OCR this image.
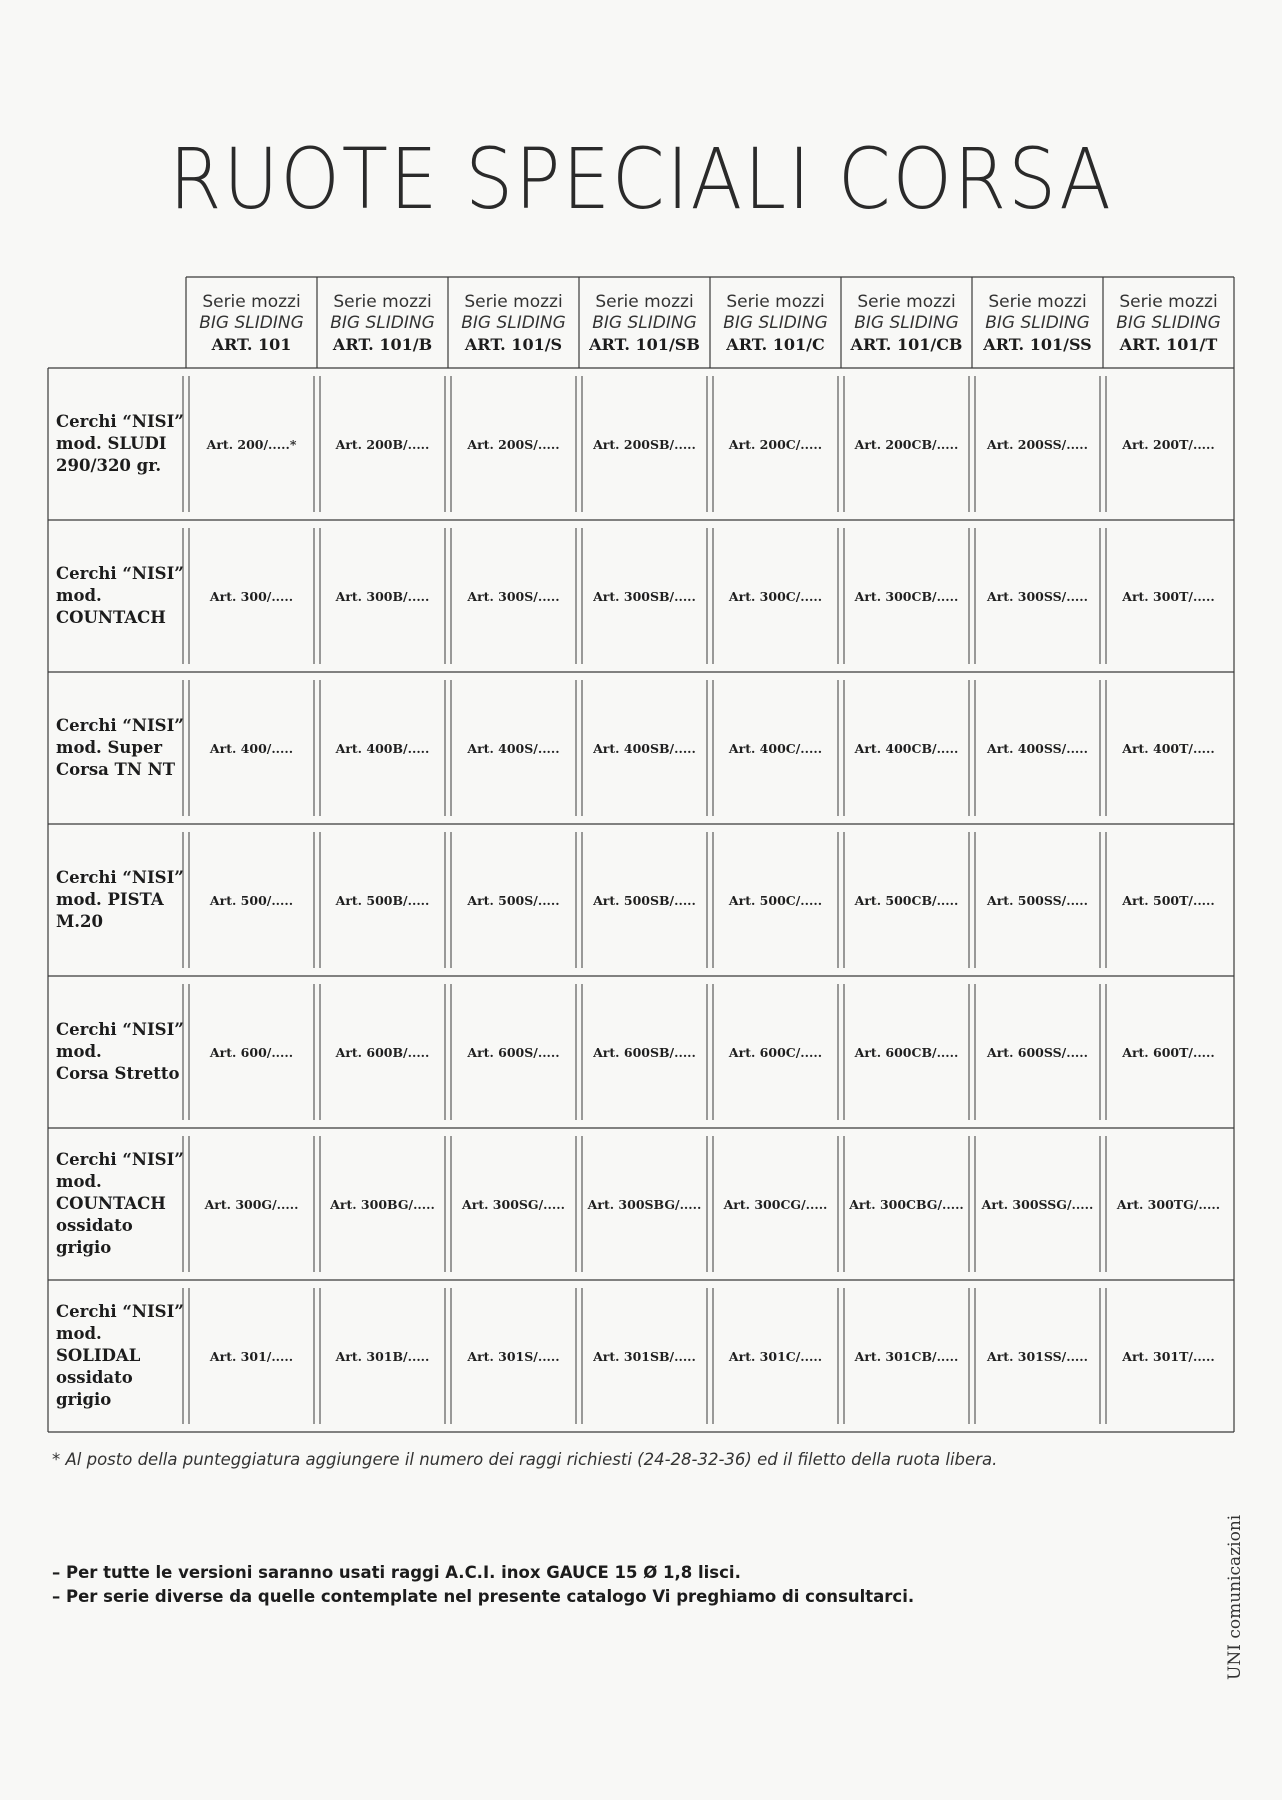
RUOTE SPECIALI CORSA
Serie mozzi
BIG SLIDING
ART. 101
Serie mozzi
BIG SLIDING
ART. 101/B
Serie mozzi
BIG SLIDING
ART. 101/S
Serie mozzi
BIG SLIDING
ART. 101/SB
Serie mozzi
BIG SLIDING
ART. 101/C
Serie mozzi
BIG SLIDING
ART. 101/CB
Serie mozzi
BIG SLIDING
ART. 101/SS
Serie mozzi
BIG SLIDING
ART. 101/T
Cerchi “NISI”
mod. SLUDI
290/320 gr.
Art. 200/.....*	Art. 200B/.....	Art. 200S/.....	Art. 200SB/.....	Art. 200C/.....	Art. 200CB/.....	Art. 200SS/.....	Art. 200T/.....
Cerchi “NISI”
mod.
COUNTACH
Art. 300/.....	Art. 300B/.....	Art. 300S/.....	Art. 300SB/.....	Art. 300C/.....	Art. 300CB/.....	Art. 300SS/.....	Art. 300T/.....
Cerchi “NISI”
mod. Super
Corsa TN NT
Art. 400/.....	Art. 400B/.....	Art. 400S/.....	Art. 400SB/.....	Art. 400C/.....	Art. 400CB/.....	Art. 400SS/.....	Art. 400T/.....
Cerchi “NISI”
mod. PISTA
M.20
Art. 500/.....	Art. 500B/.....	Art. 500S/.....	Art. 500SB/.....	Art. 500C/.....	Art. 500CB/.....	Art. 500SS/.....	Art. 500T/.....
Cerchi “NISI”
mod.
Corsa Stretto
Art. 600/.....	Art. 600B/.....	Art. 600S/.....	Art. 600SB/.....	Art. 600C/.....	Art. 600CB/.....	Art. 600SS/.....	Art. 600T/.....
Cerchi “NISI”
mod.
COUNTACH
ossidato
grigio
Art. 300G/.....	Art. 300BG/.....	Art. 300SG/.....	Art. 300SBG/.....	Art. 300CG/.....	Art. 300CBG/.....	Art. 300SSG/.....	Art. 300TG/.....
Cerchi “NISI”
mod.
SOLIDAL
ossidato
grigio
Art. 301/.....	Art. 301B/.....	Art. 301S/.....	Art. 301SB/.....	Art. 301C/.....	Art. 301CB/.....	Art. 301SS/.....	Art. 301T/.....
* Al posto della punteggiatura aggiungere il numero dei raggi richiesti (24-28-32-36) ed il filetto della ruota libera.
– Per tutte le versioni saranno usati raggi A.C.I. inox GAUCE 15 Ø 1,8 lisci.
– Per serie diverse da quelle contemplate nel presente catalogo Vi preghiamo di consultarci.	UNI comunicazioni
